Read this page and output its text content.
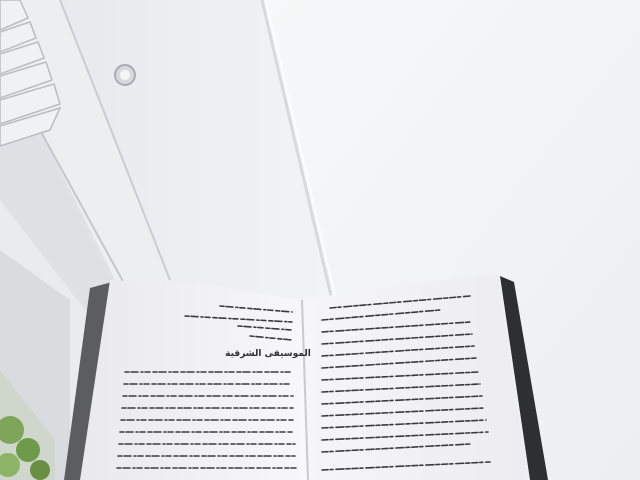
الموسيقى الشرقية
